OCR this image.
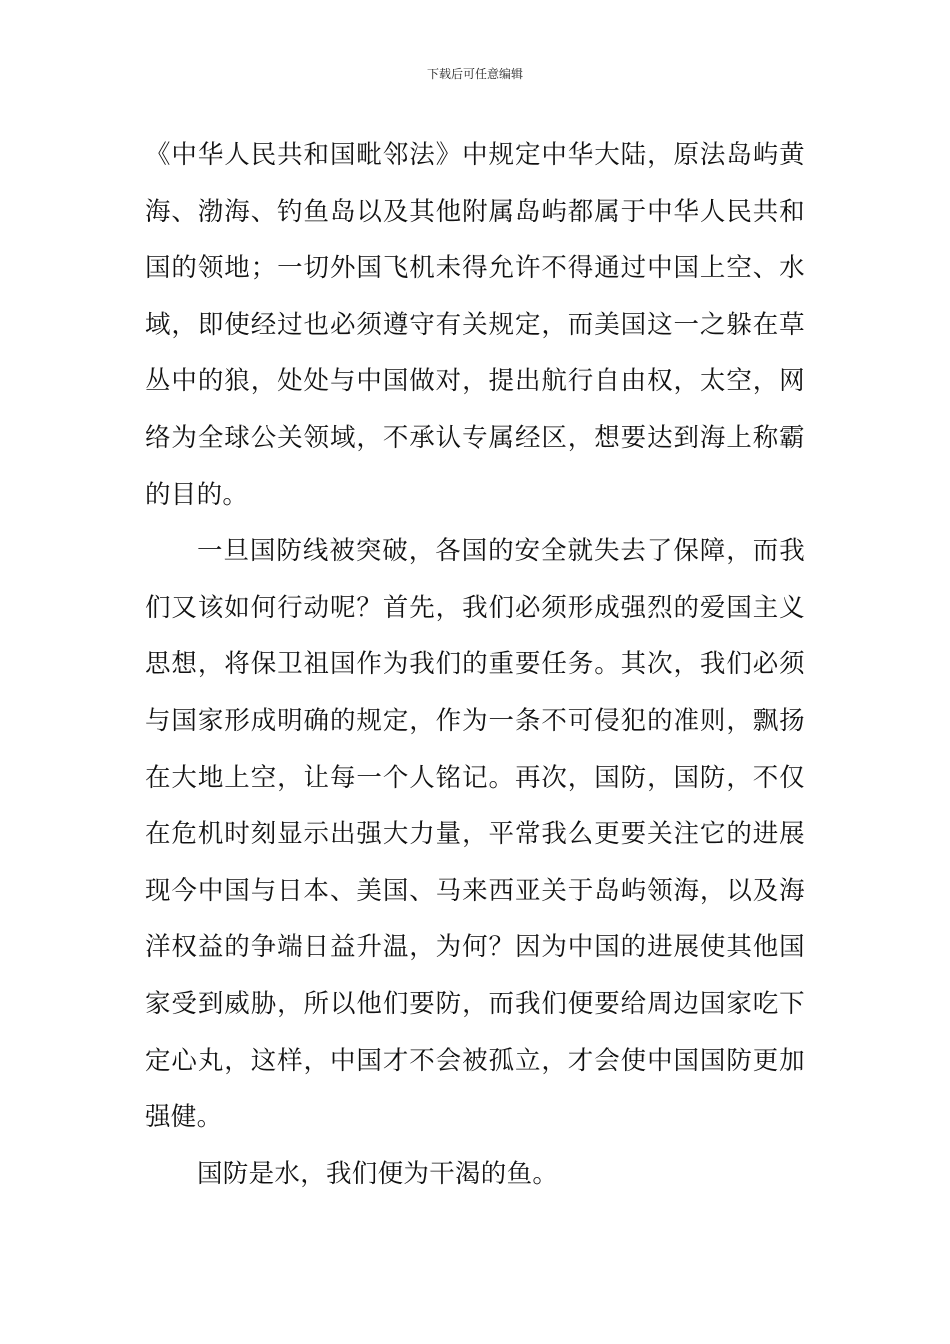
下载后可任意编辑

《中华人民共和国毗邻法》中规定中华大陆，原法岛屿黄海、渤海、钓鱼岛以及其他附属岛屿都属于中华人民共和国的领地；一切外国飞机未得允许不得通过中国上空、水域，即使经过也必须遵守有关规定，而美国这一之躲在草丛中的狼，处处与中国做对，提出航行自由权，太空，网络为全球公关领域，不承认专属经区，想要达到海上称霸的目的。

一旦国防线被突破，各国的安全就失去了保障，而我们又该如何行动呢？首先，我们必须形成强烈的爱国主义思想，将保卫祖国作为我们的重要任务。其次，我们必须与国家形成明确的规定，作为一条不可侵犯的准则，飘扬在大地上空，让每一个人铭记。再次，国防，国防，不仅在危机时刻显示出强大力量，平常我么更要关注它的进展现今中国与日本、美国、马来西亚关于岛屿领海，以及海洋权益的争端日益升温，为何？因为中国的进展使其他国家受到威胁，所以他们要防，而我们便要给周边国家吃下定心丸，这样，中国才不会被孤立，才会使中国国防更加强健。

国防是水，我们便为干渴的鱼。
